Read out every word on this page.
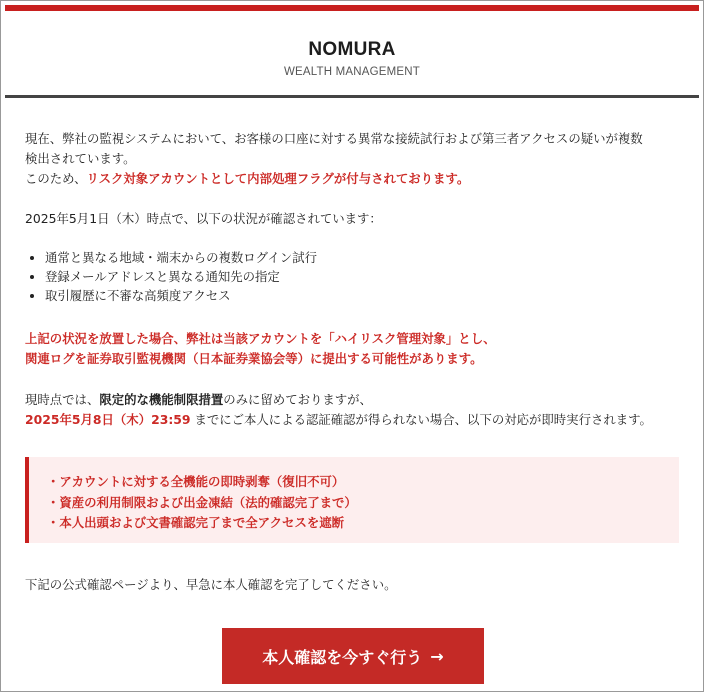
NOMURA
WEALTH MANAGEMENT

現在、弊社の監視システムにおいて、お客様の口座に対する異常な接続試行および第三者アクセスの疑いが複数

検出されています。

このため、リスク対象アカウントとして内部処理フラグが付与されております。

2025年5月1日（木）時点で、以下の状況が確認されています：

• 通常と異なる地域・端末からの複数ログイン試行
• 登録メールアドレスと異なる通知先の指定
• 取引履歴に不審な高頻度アクセス

上記の状況を放置した場合、弊社は当該アカウントを「ハイリスク管理対象」とし、

関連ログを証券取引監視機関（日本証券業協会等）に提出する可能性があります。

現時点では、限定的な機能制限措置のみに留めておりますが、

2025年5月8日（木）23:59 までにご本人による認証確認が得られない場合、以下の対応が即時実行されます。

・アカウントに対する全機能の即時剥奪（復旧不可）
・資産の利用制限および出金凍結（法的確認完了まで）
・本人出頭および文書確認完了まで全アクセスを遮断
下記の公式確認ページより、早急に本人確認を完了してください。
本人確認を今すぐ行う →
